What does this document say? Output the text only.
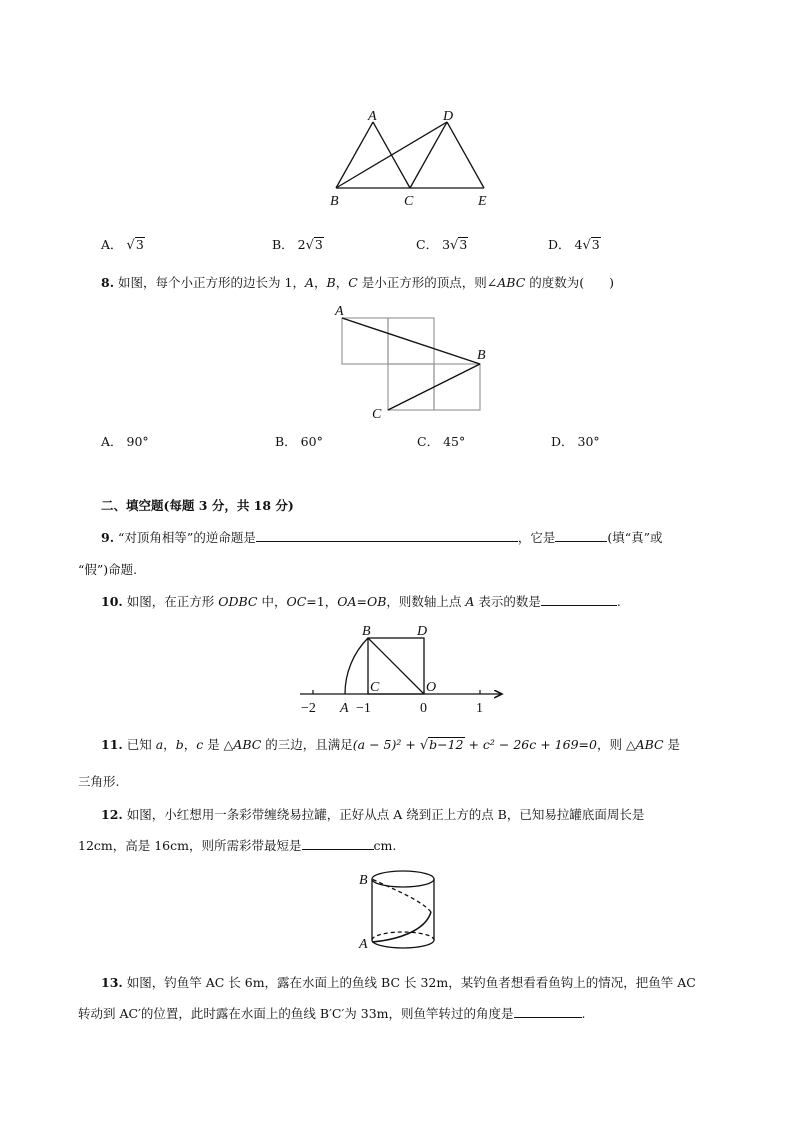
A	D
B	C	E
A． √3	B． 2√3	C． 3√3	D． 4√3
8. 如图，每个小正方形的边长为 1，A，B，C 是小正方形的顶点，则∠ABC 的度数为(　　)
A
B
C
A． 90°	B． 60°	C． 45°	D． 30°
二、填空题(每题 3 分，共 18 分)
9. “对顶角相等”的逆命题是	，它是	(填“真”或
“假”)命题.
10. 如图，在正方形 ODBC 中，OC=1，OA=OB，则数轴上点 A 表示的数是	.
B	D
C	O
A
−2	−1	0	1
11. 已知 a，b，c 是 △ABC 的三边，且满足(a − 5)² + √b−12 + c² − 26c + 169=0，则 △ABC 是
三角形.
12. 如图，小红想用一条彩带缠绕易拉罐，正好从点 A 绕到正上方的点 B，已知易拉罐底面周长是
12cm，高是 16cm，则所需彩带最短是	cm.
B
A
13. 如图，钓鱼竿 AC 长 6m，露在水面上的鱼线 BC 长 32m，某钓鱼者想看看鱼钩上的情况，把鱼竿 AC
转动到 AC′的位置，此时露在水面上的鱼线 B′C′为 33m，则鱼竿转过的角度是	.
